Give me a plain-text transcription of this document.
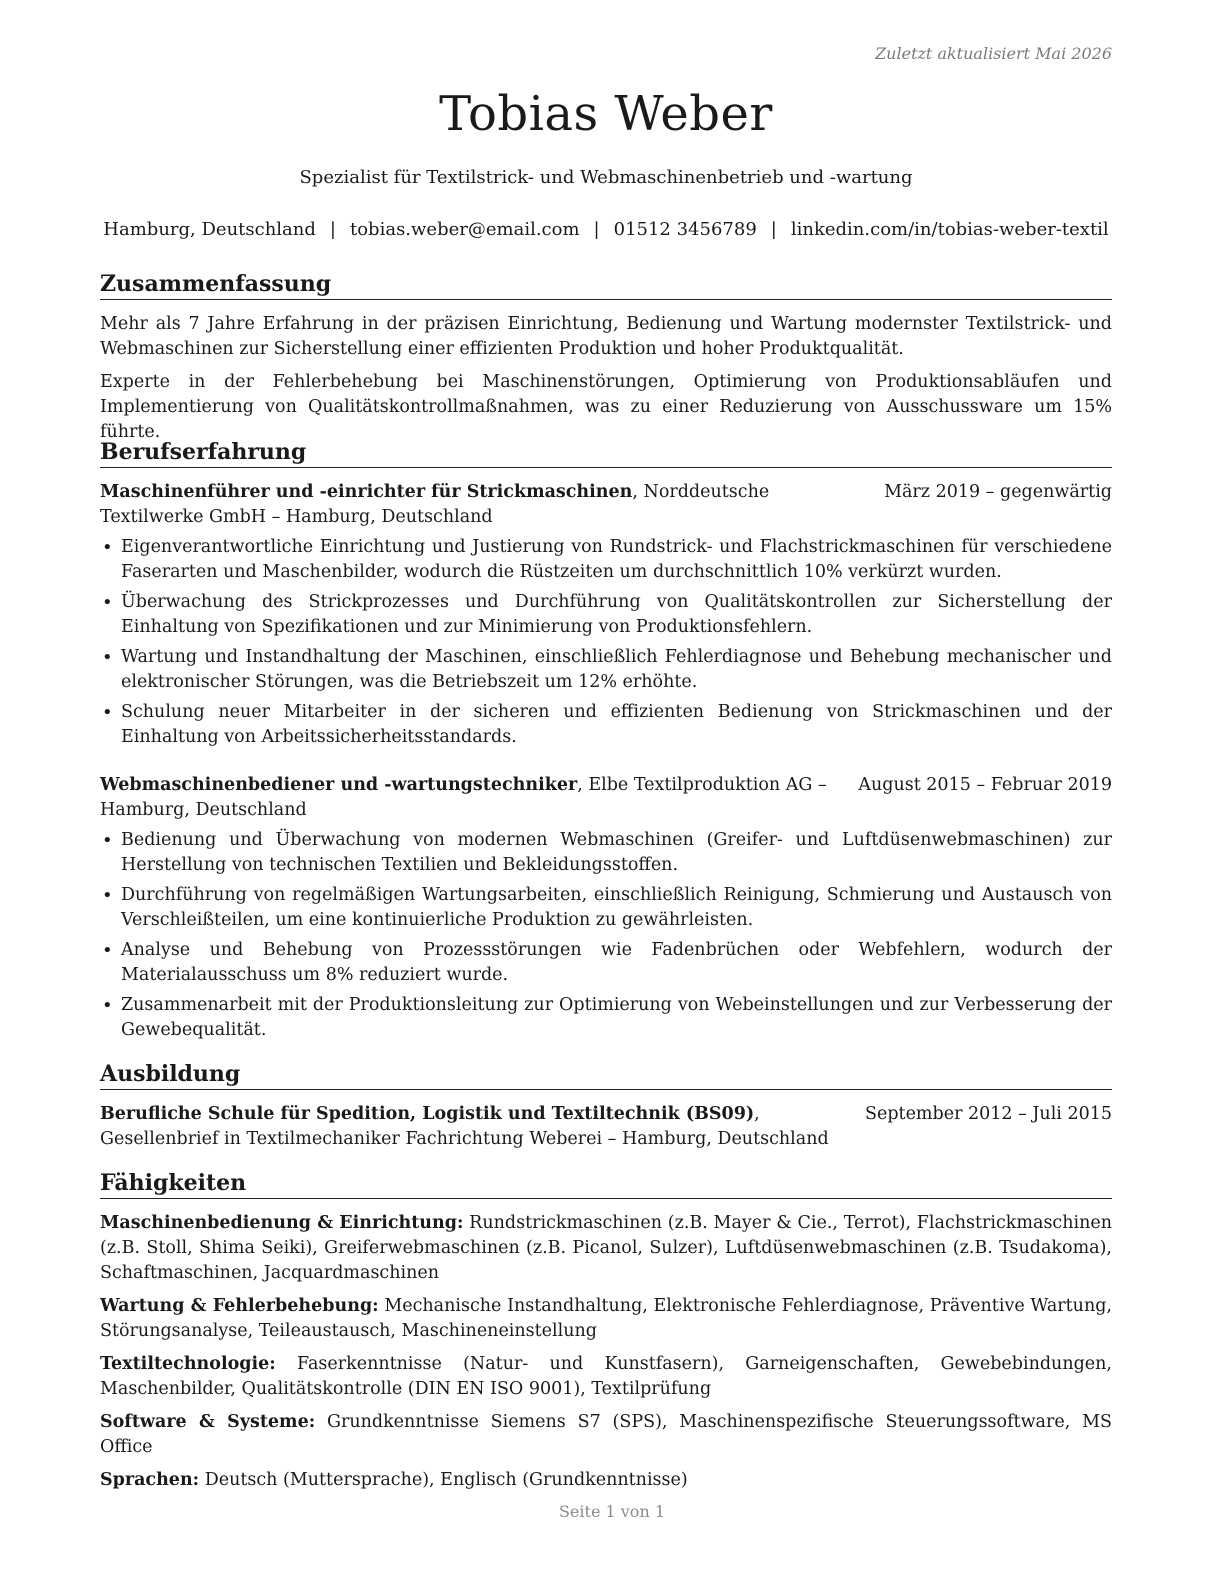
Zuletzt aktualisiert Mai 2026
Tobias Weber
Spezialist für Textilstrick- und Webmaschinenbetrieb und -wartung
Hamburg, Deutschland | tobias.weber@email.com | 01512 3456789 | linkedin.com/in/tobias-weber-textil
Zusammenfassung

Mehr als 7 Jahre Erfahrung in der präzisen Einrichtung, Bedienung und Wartung modernster Textilstrick- und Webmaschinen zur Sicherstellung einer effizienten Produktion und hoher Produktqualität.

Experte in der Fehlerbehebung bei Maschinenstörungen, Optimierung von Produktionsabläufen und Implementierung von Qualitätskontrollmaßnahmen, was zu einer Reduzierung von Ausschussware um 15% führte.

Berufserfahrung
Maschinenführer und -einrichter für Strickmaschinen, Norddeutsche Textilwerke GmbH – Hamburg, Deutschland
März 2019 – gegenwärtig
• Eigenverantwortliche Einrichtung und Justierung von Rundstrick- und Flachstrickmaschinen für verschiedene Faserarten und Maschenbilder, wodurch die Rüstzeiten um durchschnittlich 10% verkürzt wurden.
• Überwachung des Strickprozesses und Durchführung von Qualitätskontrollen zur Sicherstellung der Einhaltung von Spezifikationen und zur Minimierung von Produktionsfehlern.
• Wartung und Instandhaltung der Maschinen, einschließlich Fehlerdiagnose und Behebung mechanischer und elektronischer Störungen, was die Betriebszeit um 12% erhöhte.
• Schulung neuer Mitarbeiter in der sicheren und effizienten Bedienung von Strickmaschinen und der Einhaltung von Arbeitssicherheitsstandards.
Webmaschinenbediener und -wartungstechniker, Elbe Textilproduktion AG – Hamburg, Deutschland
August 2015 – Februar 2019
• Bedienung und Überwachung von modernen Webmaschinen (Greifer- und Luftdüsenwebmaschinen) zur Herstellung von technischen Textilien und Bekleidungsstoffen.
• Durchführung von regelmäßigen Wartungsarbeiten, einschließlich Reinigung, Schmierung und Austausch von Verschleißteilen, um eine kontinuierliche Produktion zu gewährleisten.
• Analyse und Behebung von Prozessstörungen wie Fadenbrüchen oder Webfehlern, wodurch der Materialausschuss um 8% reduziert wurde.
• Zusammenarbeit mit der Produktionsleitung zur Optimierung von Webeinstellungen und zur Verbesserung der Gewebequalität.
Ausbildung
Berufliche Schule für Spedition, Logistik und Textiltechnik (BS09), Gesellenbrief in Textilmechaniker Fachrichtung Weberei – Hamburg, Deutschland
September 2012 – Juli 2015
Fähigkeiten

Maschinenbedienung & Einrichtung: Rundstrickmaschinen (z.B. Mayer & Cie., Terrot), Flachstrickmaschinen (z.B. Stoll, Shima Seiki), Greiferwebmaschinen (z.B. Picanol, Sulzer), Luftdüsenwebmaschinen (z.B. Tsudakoma), Schaftmaschinen, Jacquardmaschinen

Wartung & Fehlerbehebung: Mechanische Instandhaltung, Elektronische Fehlerdiagnose, Präventive Wartung, Störungsanalyse, Teileaustausch, Maschineneinstellung

Textiltechnologie: Faserkenntnisse (Natur- und Kunstfasern), Garneigenschaften, Gewebebindungen, Maschenbilder, Qualitätskontrolle (DIN EN ISO 9001), Textilprüfung

Software & Systeme: Grundkenntnisse Siemens S7 (SPS), Maschinenspezifische Steuerungssoftware, MS Office

Sprachen: Deutsch (Muttersprache), Englisch (Grundkenntnisse)

Seite 1 von 1
